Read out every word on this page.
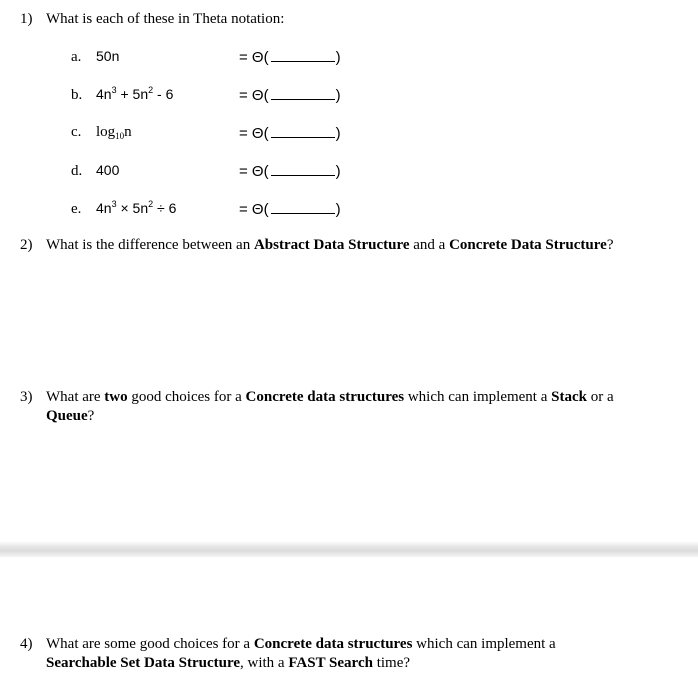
1) What is each of these in Theta notation:
a. 50n	= Θ(	)
b. $4n^3 + 5n^2 - 6$	= Θ(	)
c. $\log_{10}n$	= Θ(	)
d. 400	= Θ(	)
e. $4n^3 \times 5n^2 \div 6$	= Θ(	)
2) What is the difference between an Abstract Data Structure and a Concrete Data Structure?
3) What are two good choices for a Concrete data structures which can implement a Stack or a
Queue?
4) What are some good choices for a Concrete data structures which can implement a
Searchable Set Data Structure, with a FAST Search time?
